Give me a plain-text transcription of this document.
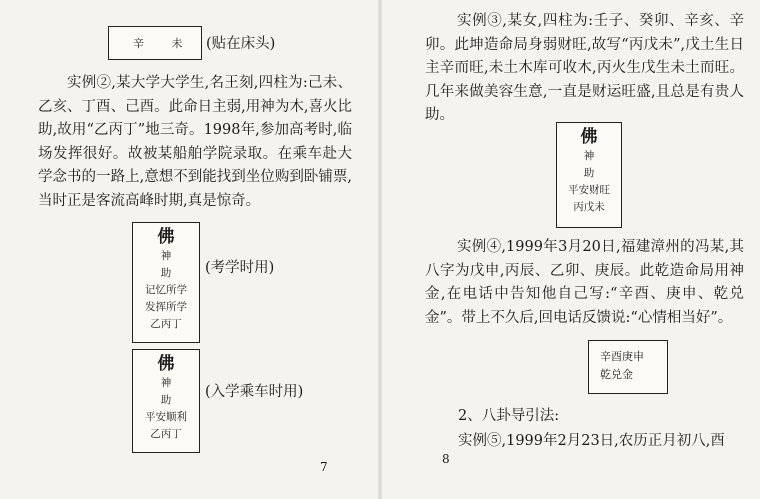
辛	未	(贴在床头)

实例②,某大学大学生,名王刻,四柱为:己未、乙亥、丁酉、己酉。此命日主弱,用神为木,喜火比助,故用“乙丙丁”地三奇。1998年,参加高考时,临场发挥很好。故被某船舶学院录取。在乘车赴大学念书的一路上,意想不到能找到坐位购到卧铺票,当时正是客流高峰时期,真是惊奇。

佛
神
助
记忆所学
发挥所学
乙丙丁
(考学时用)
佛
神
助
平安顺利
乙丙丁
(入学乘车时用)
7

实例③,某女,四柱为:壬子、癸卯、辛亥、辛卯。此坤造命局身弱财旺,故写“丙戊未”,戊土生日主辛而旺,未土木库可收木,丙火生戊生未土而旺。几年来做美容生意,一直是财运旺盛,且总是有贵人助。

佛
神
助
平安财旺
丙戊未

实例④,1999年3月20日,福建漳州的冯某,其八字为戊申,丙辰、乙卯、庚辰。此乾造命局用神金,在电话中告知他自己写:“辛酉、庚申、乾兑金”。带上不久后,回电话反馈说:“心情相当好”。

辛酉庚申
乾兑金
2、八卦导引法:
实例⑤,1999年2月23日,农历正月初八,酉
8
